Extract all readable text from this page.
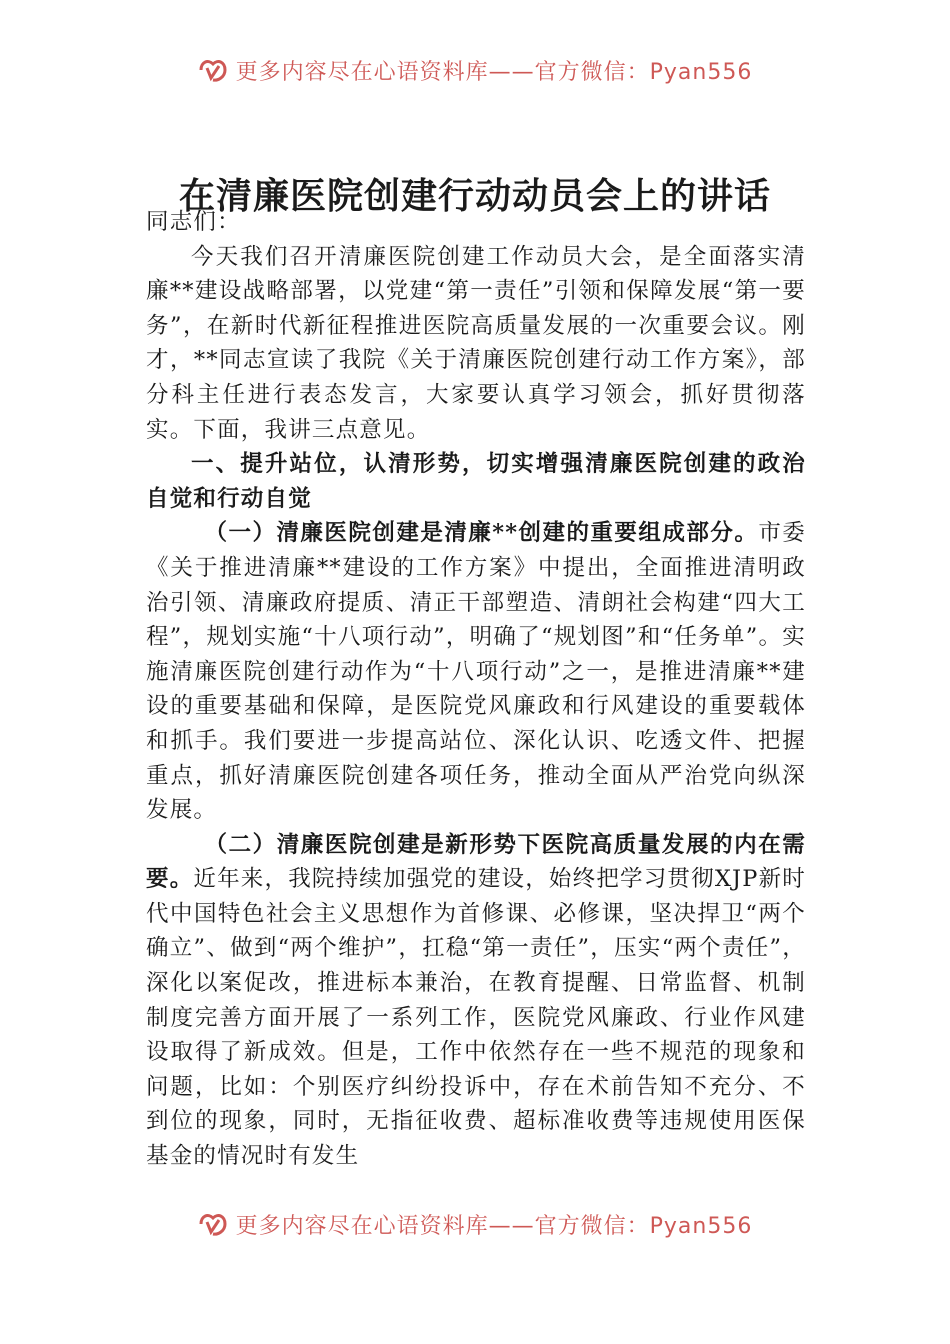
更多内容尽在心语资料库——官方微信：Pyan556
在清廉医院创建行动动员会上的讲话

同志们：

今天我们召开清廉医院创建工作动员大会，是全面落实清廉**建设战略部署，以党建“第一责任”引领和保障发展“第一要务”，在新时代新征程推进医院高质量发展的一次重要会议。刚才，**同志宣读了我院《关于清廉医院创建行动工作方案》，部分科主任进行表态发言，大家要认真学习领会，抓好贯彻落实。下面，我讲三点意见。

一、提升站位，认清形势，切实增强清廉医院创建的政治自觉和行动自觉

（一）清廉医院创建是清廉**创建的重要组成部分。市委《关于推进清廉**建设的工作方案》中提出，全面推进清明政治引领、清廉政府提质、清正干部塑造、清朗社会构建“四大工程”，规划实施“十八项行动”，明确了“规划图”和“任务单”。实施清廉医院创建行动作为“十八项行动”之一，是推进清廉**建设的重要基础和保障，是医院党风廉政和行风建设的重要载体和抓手。我们要进一步提高站位、深化认识、吃透文件、把握重点，抓好清廉医院创建各项任务，推动全面从严治党向纵深发展。

（二）清廉医院创建是新形势下医院高质量发展的内在需要。近年来，我院持续加强党的建设，始终把学习贯彻XJP新时代中国特色社会主义思想作为首修课、必修课，坚决捍卫“两个确立”、做到“两个维护”，扛稳“第一责任”，压实“两个责任”，深化以案促改，推进标本兼治，在教育提醒、日常监督、机制制度完善方面开展了一系列工作，医院党风廉政、行业作风建设取得了新成效。但是，工作中依然存在一些不规范的现象和问题，比如：个别医疗纠纷投诉中，存在术前告知不充分、不到位的现象，同时，无指征收费、超标准收费等违规使用医保基金的情况时有发生

更多内容尽在心语资料库——官方微信：Pyan556
